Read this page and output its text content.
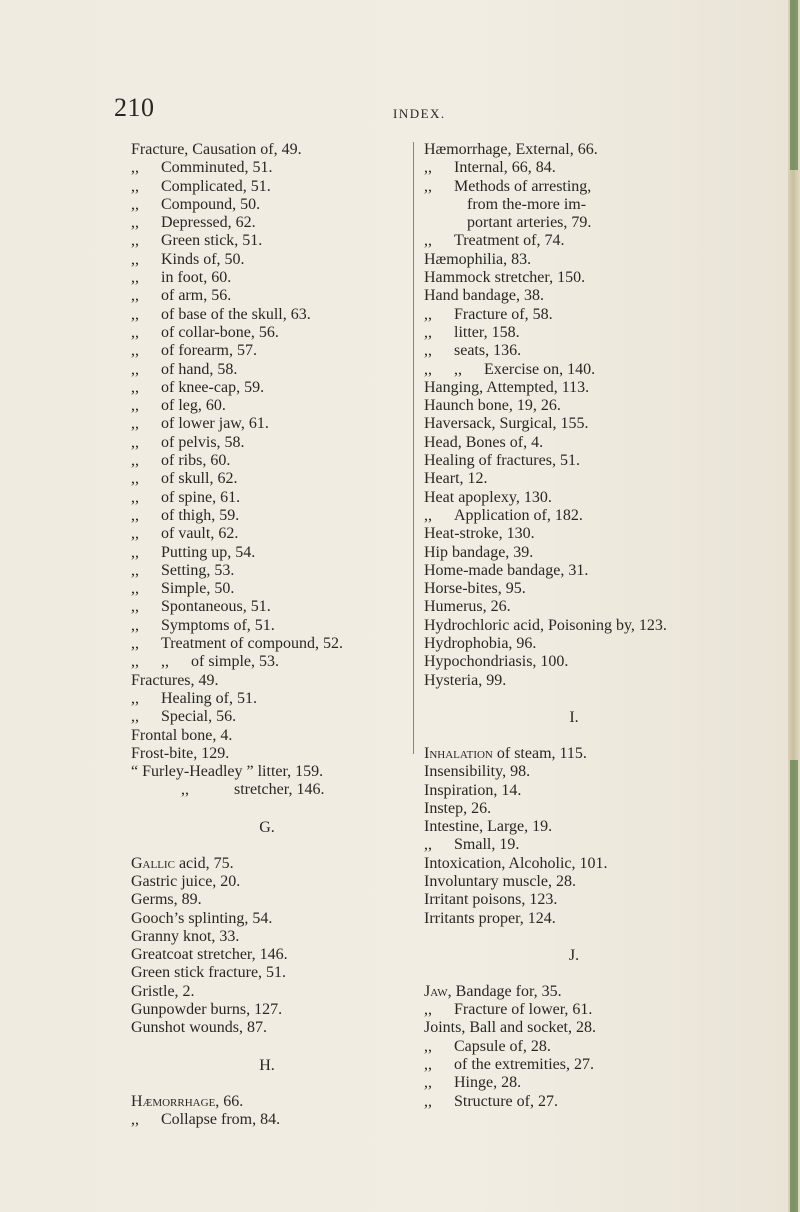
210	INDEX.
Fracture, Causation of, 49.
,, Comminuted, 51.
,, Complicated, 51.
,, Compound, 50.
,, Depressed, 62.
,, Green stick, 51.
,, Kinds of, 50.
,, in foot, 60.
,, of arm, 56.
,, of base of the skull, 63.
,, of collar-bone, 56.
,, of forearm, 57.
,, of hand, 58.
,, of knee-cap, 59.
,, of leg, 60.
,, of lower jaw, 61.
,, of pelvis, 58.
,, of ribs, 60.
,, of skull, 62.
,, of spine, 61.
,, of thigh, 59.
,, of vault, 62.
,, Putting up, 54.
,, Setting, 53.
,, Simple, 50.
,, Spontaneous, 51.
,, Symptoms of, 51.
,, Treatment of compound, 52.
,, ,, of simple, 53.
Fractures, 49.
,, Healing of, 51.
,, Special, 56.
Frontal bone, 4.
Frost-bite, 129.
“ Furley-Headley ” litter, 159.
,,	stretcher, 146.
G.
Gallic acid, 75.
Gastric juice, 20.
Germs, 89.
Gooch’s splinting, 54.
Granny knot, 33.
Greatcoat stretcher, 146.
Green stick fracture, 51.
Gristle, 2.
Gunpowder burns, 127.
Gunshot wounds, 87.
H.
Hæmorrhage, 66.
,, Collapse from, 84.
Hæmorrhage, External, 66.
,, Internal, 66, 84.
,, Methods of arresting,
from the-more im-
portant arteries, 79.
,, Treatment of, 74.
Hæmophilia, 83.
Hammock stretcher, 150.
Hand bandage, 38.
,, Fracture of, 58.
,, litter, 158.
,, seats, 136.
,, ,, Exercise on, 140.
Hanging, Attempted, 113.
Haunch bone, 19, 26.
Haversack, Surgical, 155.
Head, Bones of, 4.
Healing of fractures, 51.
Heart, 12.
Heat apoplexy, 130.
,, Application of, 182.
Heat-stroke, 130.
Hip bandage, 39.
Home-made bandage, 31.
Horse-bites, 95.
Humerus, 26.
Hydrochloric acid, Poisoning by, 123.
Hydrophobia, 96.
Hypochondriasis, 100.
Hysteria, 99.
I.
Inhalation of steam, 115.
Insensibility, 98.
Inspiration, 14.
Instep, 26.
Intestine, Large, 19.
,, Small, 19.
Intoxication, Alcoholic, 101.
Involuntary muscle, 28.
Irritant poisons, 123.
Irritants proper, 124.
J.
Jaw, Bandage for, 35.
,, Fracture of lower, 61.
Joints, Ball and socket, 28.
,, Capsule of, 28.
,, of the extremities, 27.
,, Hinge, 28.
,, Structure of, 27.
